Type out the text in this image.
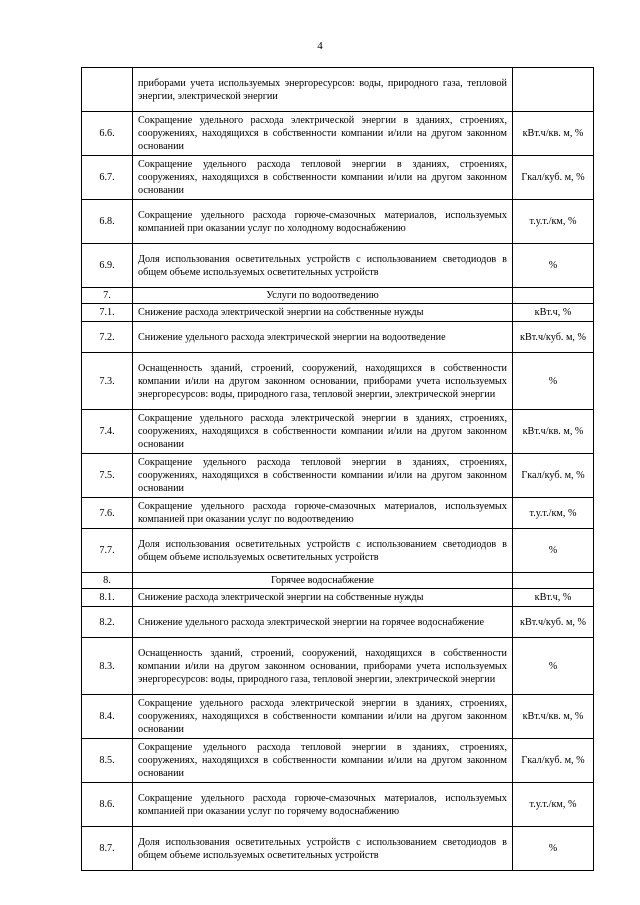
4
	приборами учета используемых энергоресурсов: воды, природного газа, тепловой энергии, электрической энергии	
6.6.	Сокращение удельного расхода электрической энергии в зданиях, строениях, сооружениях, находящихся в собственности компании и/или на другом законном основании	кВт.ч/кв. м, %
6.7.	Сокращение удельного расхода тепловой энергии в зданиях, строениях, сооружениях, находящихся в собственности компании и/или на другом законном основании	Гкал/куб. м, %
6.8.	Сокращение удельного расхода горюче-смазочных материалов, используемых компанией при оказании услуг по холодному водоснабжению	т.у.т./км, %
6.9.	Доля использования осветительных устройств с использованием светодиодов в общем объеме используемых осветительных устройств	%
7.	Услуги по водоотведению	
7.1.	Снижение расхода электрической энергии на собственные нужды	кВт.ч, %
7.2.	Снижение удельного расхода электрической энергии на водоотведение	кВт.ч/куб. м, %
7.3.	Оснащенность зданий, строений, сооружений, находящихся в собственности компании и/или на другом законном основании, приборами учета используемых энергоресурсов: воды, природного газа, тепловой энергии, электрической энергии	%
7.4.	Сокращение удельного расхода электрической энергии в зданиях, строениях, сооружениях, находящихся в собственности компании и/или на другом законном основании	кВт.ч/кв. м, %
7.5.	Сокращение удельного расхода тепловой энергии в зданиях, строениях, сооружениях, находящихся в собственности компании и/или на другом законном основании	Гкал/куб. м, %
7.6.	Сокращение удельного расхода горюче-смазочных материалов, используемых компанией при оказании услуг по водоотведению	т.у.т./км, %
7.7.	Доля использования осветительных устройств с использованием светодиодов в общем объеме используемых осветительных устройств	%
8.	Горячее водоснабжение	
8.1.	Снижение расхода электрической энергии на собственные нужды	кВт.ч, %
8.2.	Снижение удельного расхода электрической энергии на горячее водоснабжение	кВт.ч/куб. м, %
8.3.	Оснащенность зданий, строений, сооружений, находящихся в собственности компании и/или на другом законном основании, приборами учета используемых энергоресурсов: воды, природного газа, тепловой энергии, электрической энергии	%
8.4.	Сокращение удельного расхода электрической энергии в зданиях, строениях, сооружениях, находящихся в собственности компании и/или на другом законном основании	кВт.ч/кв. м, %
8.5.	Сокращение удельного расхода тепловой энергии в зданиях, строениях, сооружениях, находящихся в собственности компании и/или на другом законном основании	Гкал/куб. м, %
8.6.	Сокращение удельного расхода горюче-смазочных материалов, используемых компанией при оказании услуг по горячему водоснабжению	т.у.т./км, %
8.7.	Доля использования осветительных устройств с использованием светодиодов в общем объеме используемых осветительных устройств	%
